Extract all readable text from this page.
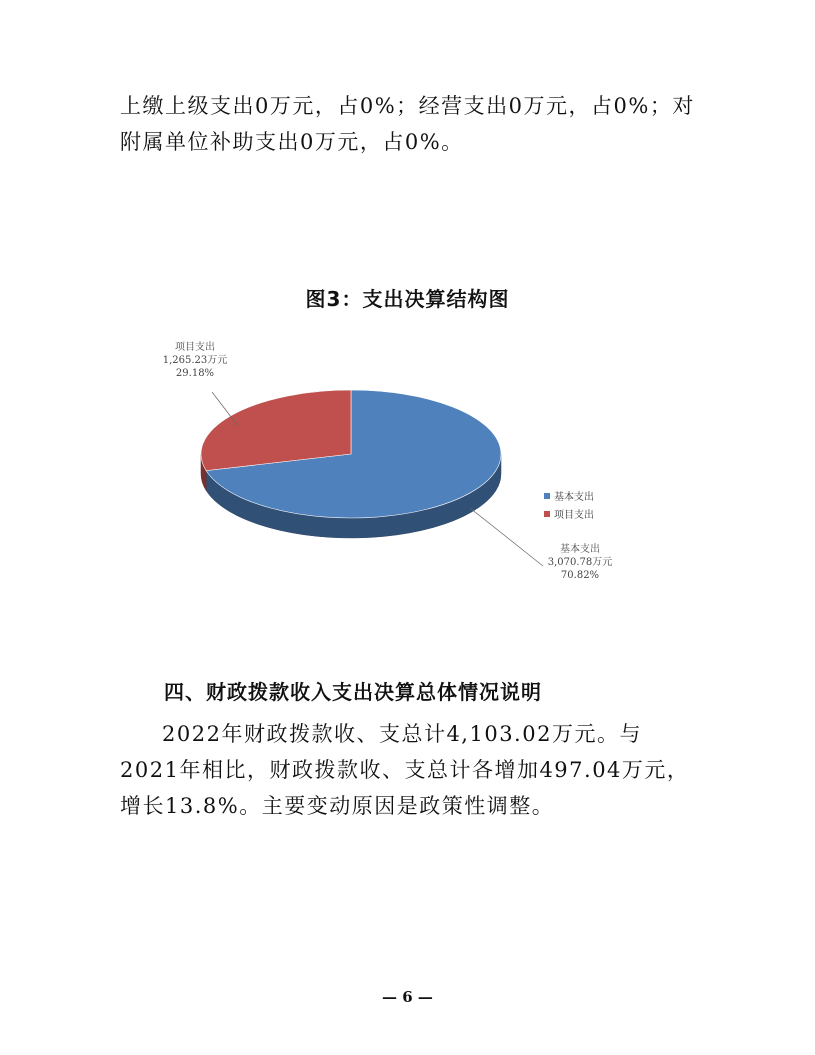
上缴上级支出0万元，占0%；经营支出0万元，占0%；对附属单位补助支出0万元，占0%。
图3：支出决算结构图
基本支出
3,070.78万元
70.82%
项目支出
1,265.23万元
29.18%
基本支出
项目支出
四、财政拨款收入支出决算总体情况说明
2022年财政拨款收、支总计4,103.02万元。与2021年相比，财政拨款收、支总计各增加497.04万元，增长13.8%。主要变动原因是政策性调整。
— 6 —
